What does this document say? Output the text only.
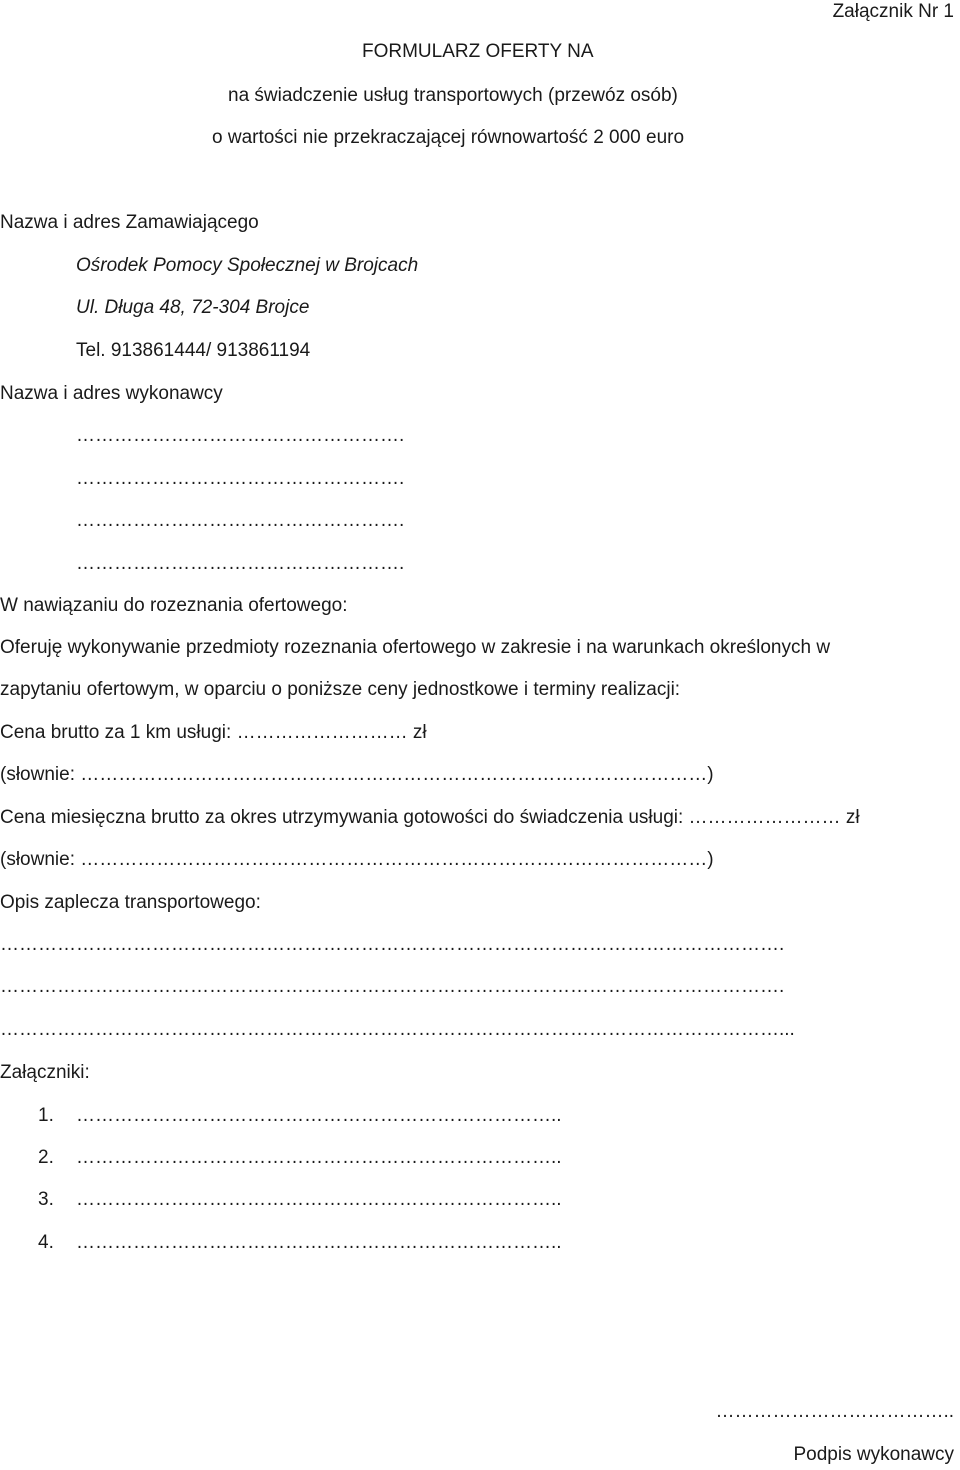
Załącznik Nr 1
FORMULARZ OFERTY NA
na świadczenie usług transportowych (przewóz osób)
o wartości nie przekraczającej równowartość 2 000 euro
Nazwa i adres Zamawiającego
Ośrodek Pomocy Społecznej w Brojcach
Ul. Długa 48, 72-304 Brojce
Tel. 913861444/ 913861194
Nazwa i adres wykonawcy
…………………………………………….
…………………………………………….
…………………………………………….
…………………………………………….
W nawiązaniu do rozeznania ofertowego:
Oferuję wykonywanie przedmioty rozeznania ofertowego w zakresie i na warunkach określonych w
zapytaniu ofertowym, w oparciu o poniższe ceny jednostkowe i terminy realizacji:
Cena brutto za 1 km usługi: ……………………… zł
(słownie: ………………………………………………………………………………………)
Cena miesięczna brutto za okres utrzymywania gotowości do świadczenia usługi: …………………… zł
(słownie: ………………………………………………………………………………………)
Opis zaplecza transportowego:
…………………………………………………………………………………………………………….
…………………………………………………………………………………………………………….
……………………………………………………………………………………………………………...
Załączniki:
1. …………………………………………………………………..
2. …………………………………………………………………..
3. …………………………………………………………………..
4. …………………………………………………………………..
………………………………..
Podpis wykonawcy
